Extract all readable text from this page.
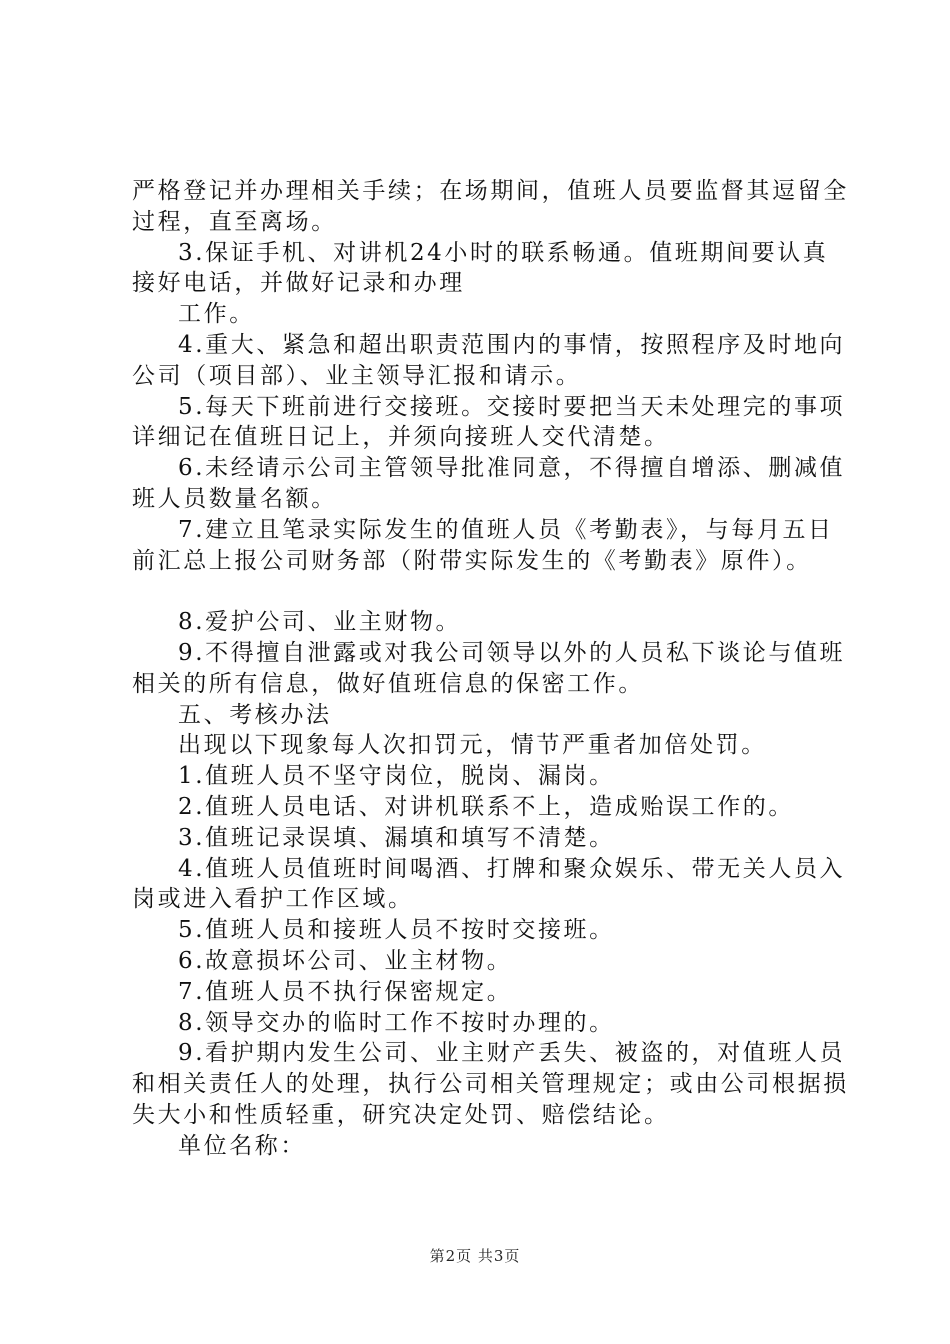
严格登记并办理相关手续；在场期间，值班人员要监督其逗留全过程，直至离场。

3.保证手机、对讲机24小时的联系畅通。值班期间要认真接好电话，并做好记录和办理

工作。

4.重大、紧急和超出职责范围内的事情，按照程序及时地向公司（项目部）、业主领导汇报和请示。

5.每天下班前进行交接班。交接时要把当天未处理完的事项详细记在值班日记上，并须向接班人交代清楚。

6.未经请示公司主管领导批准同意，不得擅自增添、删减值班人员数量名额。

7.建立且笔录实际发生的值班人员《考勤表》，与每月五日前汇总上报公司财务部（附带实际发生的《考勤表》原件）。

8.爱护公司、业主财物。

9.不得擅自泄露或对我公司领导以外的人员私下谈论与值班相关的所有信息，做好值班信息的保密工作。

五、考核办法

出现以下现象每人次扣罚元，情节严重者加倍处罚。

1.值班人员不坚守岗位，脱岗、漏岗。

2.值班人员电话、对讲机联系不上，造成贻误工作的。

3.值班记录误填、漏填和填写不清楚。

4.值班人员值班时间喝酒、打牌和聚众娱乐、带无关人员入岗或进入看护工作区域。

5.值班人员和接班人员不按时交接班。

6.故意损坏公司、业主材物。

7.值班人员不执行保密规定。

8.领导交办的临时工作不按时办理的。

9.看护期内发生公司、业主财产丢失、被盗的，对值班人员和相关责任人的处理，执行公司相关管理规定；或由公司根据损失大小和性质轻重，研究决定处罚、赔偿结论。

单位名称：

第2页 共3页
